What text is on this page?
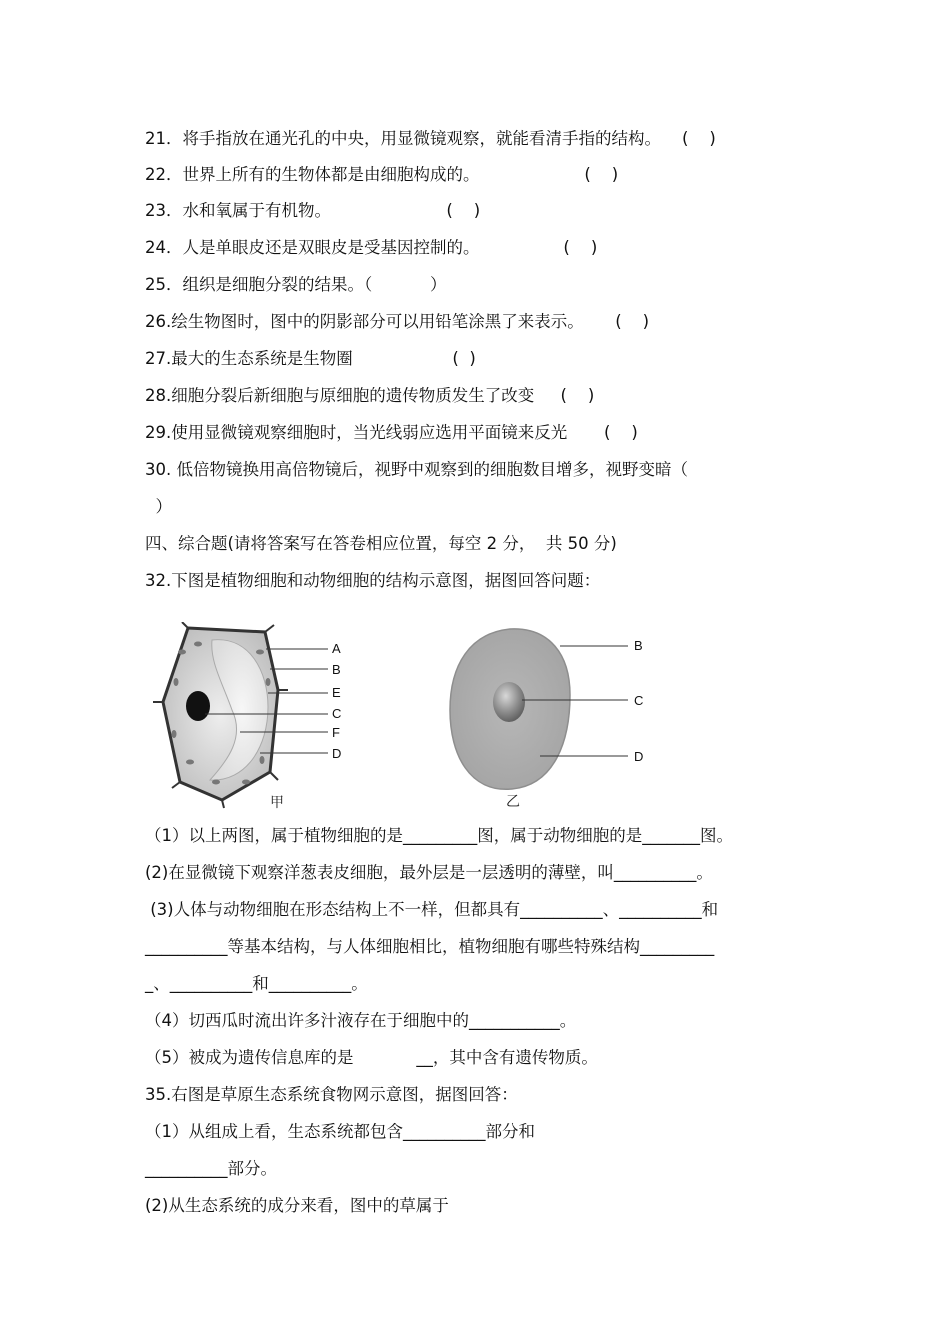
21．将手指放在通光孔的中央，用显微镜观察，就能看清手指的结构。    (    )
22．世界上所有的生物体都是由细胞构成的。                    (    )
23．水和氧属于有机物。                      (    )
24．人是单眼皮还是双眼皮是受基因控制的。                (    )
25．组织是细胞分裂的结果。（           ）
26.绘生物图时，图中的阴影部分可以用铅笔涂黑了来表示。      (    )
27.最大的生态系统是生物圈                   (  )
28.细胞分裂后新细胞与原细胞的遗传物质发生了改变     (    )
29.使用显微镜观察细胞时，当光线弱应选用平面镜来反光       (    )
30. 低倍物镜换用高倍物镜后，视野中观察到的细胞数目增多，视野变暗（
）
四、综合题(请将答案写在答卷相应位置，每空 2 分，  共 50 分)
32.下图是植物细胞和动物细胞的结构示意图，据图回答问题：
A
B
E
C
F
D
甲
B
C
D
乙
（1）以上两图，属于植物细胞的是_________图，属于动物细胞的是_______图。
(2)在显微镜下观察洋葱表皮细胞，最外层是一层透明的薄壁，叫__________。
(3)人体与动物细胞在形态结构上不一样，但都具有__________、__________和
__________等基本结构，与人体细胞相比，植物细胞有哪些特殊结构_________
_、__________和__________。
（4）切西瓜时流出许多汁液存在于细胞中的___________。
（5）被成为遗传信息库的是            __，其中含有遗传物质。
35.右图是草原生态系统食物网示意图，据图回答：
（1）从组成上看，生态系统都包含__________部分和
__________部分。
(2)从生态系统的成分来看，图中的草属于
